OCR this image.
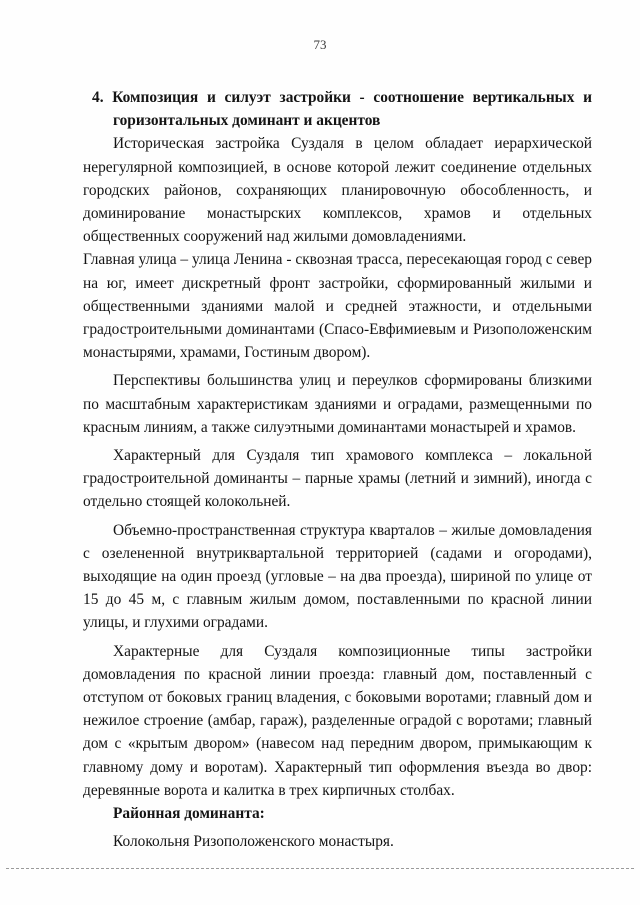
73

4. Композиция и силуэт застройки - соотношение вертикальных и горизонтальных доминант и акцентов

Историческая застройка Суздаля в целом обладает иерархической нерегулярной композицией, в основе которой лежит соединение отдельных городских районов, сохраняющих планировочную обособленность, и доминирование монастырских комплексов, храмов и отдельных общественных сооружений над жилыми домовладениями.

Главная улица – улица Ленина - сквозная трасса, пересекающая город с север на юг, имеет дискретный фронт застройки, сформированный жилыми и общественными зданиями малой и средней этажности, и отдельными градостроительными доминантами (Спасо-Евфимиевым и Ризоположенским монастырями, храмами, Гостиным двором).

Перспективы большинства улиц и переулков сформированы близкими по масштабным характеристикам зданиями и оградами, размещенными по красным линиям, а также силуэтными доминантами монастырей и храмов.

Характерный для Суздаля тип храмового комплекса – локальной градостроительной доминанты – парные храмы (летний и зимний), иногда с отдельно стоящей колокольней.

Объемно-пространственная структура кварталов – жилые домовладения с озелененной внутриквартальной территорией (садами и огородами), выходящие на один проезд (угловые – на два проезда), шириной по улице от 15 до 45 м, с главным жилым домом, поставленными по красной линии улицы, и глухими оградами.

Характерные для Суздаля композиционные типы застройки домовладения по красной линии проезда: главный дом, поставленный с отступом от боковых границ владения, с боковыми воротами; главный дом и нежилое строение (амбар, гараж), разделенные оградой с воротами; главный дом с «крытым двором» (навесом над передним двором, примыкающим к главному дому и воротам). Характерный тип оформления въезда во двор: деревянные ворота и калитка в трех кирпичных столбах.

Районная доминанта:

Колокольня Ризоположенского монастыря.
